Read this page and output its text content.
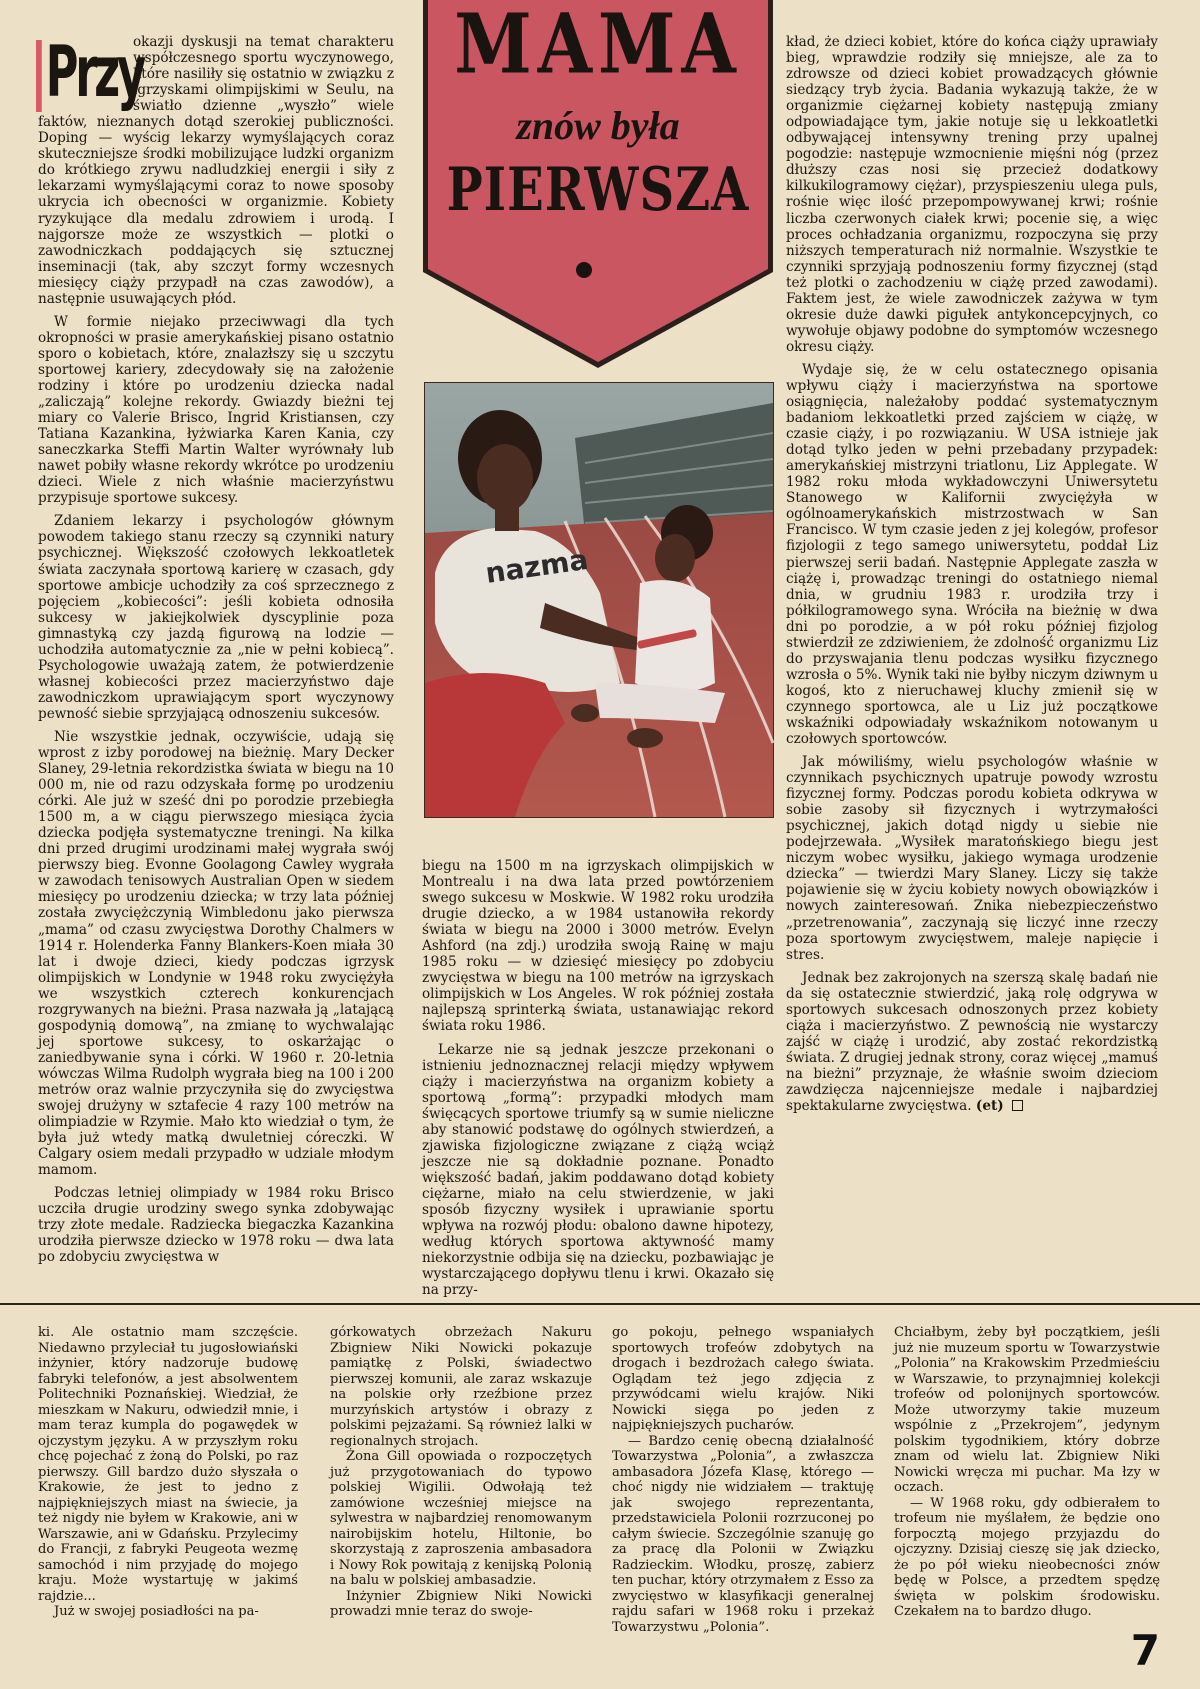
Przy

okazji dyskusji na temat charakteru współczesnego sportu wyczynowego, które nasiliły się ostatnio w związku z igrzyskami olimpijskimi w Seulu, na światło dzienne „wyszło” wiele faktów, nieznanych dotąd szerokiej publiczności. Doping — wyścig lekarzy wymyślających coraz skuteczniejsze środki mobilizujące ludzki organizm do krótkiego zrywu nadludzkiej energii i siły z lekarzami wymyślającymi coraz to nowe sposoby ukrycia ich obecności w organizmie. Kobiety ryzykujące dla medalu zdrowiem i urodą. I najgorsze może ze wszystkich — plotki o zawodniczkach poddających się sztucznej inseminacji (tak, aby szczyt formy wczesnych miesięcy ciąży przypadł na czas zawodów), a następnie usuwających płód.

W formie niejako przeciwwagi dla tych okropności w prasie amerykańskiej pisano ostatnio sporo o kobietach, które, znalazłszy się u szczytu sportowej kariery, zdecydowały się na założenie rodziny i które po urodzeniu dziecka nadal „zaliczają” kolejne rekordy. Gwiazdy bieżni tej miary co Valerie Brisco, Ingrid Kristiansen, czy Tatiana Kazankina, łyżwiarka Karen Kania, czy saneczkarka Steffi Martin Walter wyrównały lub nawet pobiły własne rekordy wkrótce po urodzeniu dzieci. Wiele z nich właśnie macierzyństwu przypisuje sportowe sukcesy.

Zdaniem lekarzy i psychologów głównym powodem takiego stanu rzeczy są czynniki natury psychicznej. Większość czołowych lekkoatletek świata zaczynała sportową karierę w czasach, gdy sportowe ambicje uchodziły za coś sprzecznego z pojęciem „kobiecości”: jeśli kobieta odnosiła sukcesy w jakiejkolwiek dyscyplinie poza gimnastyką czy jazdą figurową na lodzie — uchodziła automatycznie za „nie w pełni kobiecą”. Psychologowie uważają zatem, że potwierdzenie własnej kobiecości przez macierzyństwo daje zawodniczkom uprawiającym sport wyczynowy pewność siebie sprzyjającą odnoszeniu sukcesów.

Nie wszystkie jednak, oczywiście, udają się wprost z izby porodowej na bieżnię. Mary Decker Slaney, 29-letnia rekordzistka świata w biegu na 10 000 m, nie od razu odzyskała formę po urodzeniu córki. Ale już w sześć dni po porodzie przebiegła 1500 m, a w ciągu pierwszego miesiąca życia dziecka podjęła systematyczne treningi. Na kilka dni przed drugimi urodzinami małej wygrała swój pierwszy bieg. Evonne Goolagong Cawley wygrała w zawodach tenisowych Australian Open w siedem miesięcy po urodzeniu dziecka; w trzy lata później została zwyciężczynią Wimbledonu jako pierwsza „mama” od czasu zwycięstwa Dorothy Chalmers w 1914 r. Holenderka Fanny Blankers-Koen miała 30 lat i dwoje dzieci, kiedy podczas igrzysk olimpijskich w Londynie w 1948 roku zwyciężyła we wszystkich czterech konkurencjach rozgrywanych na bieżni. Prasa nazwała ją „latającą gospodynią domową”, na zmianę to wychwalając jej sportowe sukcesy, to oskarżając o zaniedbywanie syna i córki. W 1960 r. 20-letnia wówczas Wilma Rudolph wygrała bieg na 100 i 200 metrów oraz walnie przyczyniła się do zwycięstwa swojej drużyny w sztafecie 4 razy 100 metrów na olimpiadzie w Rzymie. Mało kto wiedział o tym, że była już wtedy matką dwuletniej córeczki. W Calgary osiem medali przypadło w udziale młodym mamom.

Podczas letniej olimpiady w 1984 roku Brisco uczciła drugie urodziny swego synka zdobywając trzy złote medale. Radziecka biegaczka Kazankina urodziła pierwsze dziecko w 1978 roku — dwa lata po zdobyciu zwycięstwa w

MAMA
znów była
PIERWSZA
nazma

biegu na 1500 m na igrzyskach olimpijskich w Montrealu i na dwa lata przed powtórzeniem swego sukcesu w Moskwie. W 1982 roku urodziła drugie dziecko, a w 1984 ustanowiła rekordy świata w biegu na 2000 i 3000 metrów. Evelyn Ashford (na zdj.) urodziła swoją Rainę w maju 1985 roku — w dziesięć miesięcy po zdobyciu zwycięstwa w biegu na 100 metrów na igrzyskach olimpijskich w Los Angeles. W rok później została najlepszą sprinterką świata, ustanawiając rekord świata roku 1986.

Lekarze nie są jednak jeszcze przekonani o istnieniu jednoznacznej relacji między wpływem ciąży i macierzyństwa na organizm kobiety a sportową „formą”: przypadki młodych mam święcących sportowe triumfy są w sumie nieliczne aby stanowić podstawę do ogólnych stwierdzeń, a zjawiska fizjologiczne związane z ciążą wciąż jeszcze nie są dokładnie poznane. Ponadto większość badań, jakim poddawano dotąd kobiety ciężarne, miało na celu stwierdzenie, w jaki sposób fizyczny wysiłek i uprawianie sportu wpływa na rozwój płodu: obalono dawne hipotezy, według których sportowa aktywność mamy niekorzystnie odbija się na dziecku, pozbawiając je wystarczającego dopływu tlenu i krwi. Okazało się na przy-

kład, że dzieci kobiet, które do końca ciąży uprawiały bieg, wprawdzie rodziły się mniejsze, ale za to zdrowsze od dzieci kobiet prowadzących głównie siedzący tryb życia. Badania wykazują także, że w organizmie ciężarnej kobiety następują zmiany odpowiadające tym, jakie notuje się u lekkoatletki odbywającej intensywny trening przy upalnej pogodzie: następuje wzmocnienie mięśni nóg (przez dłuższy czas nosi się przecież dodatkowy kilkukilogramowy ciężar), przyspieszeniu ulega puls, rośnie więc ilość przepompowywanej krwi; rośnie liczba czerwonych ciałek krwi; pocenie się, a więc proces ochładzania organizmu, rozpoczyna się przy niższych temperaturach niż normalnie. Wszystkie te czynniki sprzyjają podnoszeniu formy fizycznej (stąd też plotki o zachodzeniu w ciążę przed zawodami). Faktem jest, że wiele zawodniczek zażywa w tym okresie duże dawki pigułek antykoncepcyjnych, co wywołuje objawy podobne do symptomów wczesnego okresu ciąży.

Wydaje się, że w celu ostatecznego opisania wpływu ciąży i macierzyństwa na sportowe osiągnięcia, należałoby poddać systematycznym badaniom lekkoatletki przed zajściem w ciążę, w czasie ciąży, i po rozwiązaniu. W USA istnieje jak dotąd tylko jeden w pełni przebadany przypadek: amerykańskiej mistrzyni triatlonu, Liz Applegate. W 1982 roku młoda wykładowczyni Uniwersytetu Stanowego w Kalifornii zwyciężyła w ogólnoamerykańskich mistrzostwach w San Francisco. W tym czasie jeden z jej kolegów, profesor fizjologii z tego samego uniwersytetu, poddał Liz pierwszej serii badań. Następnie Applegate zaszła w ciążę i, prowadząc treningi do ostatniego niemal dnia, w grudniu 1983 r. urodziła trzy i półkilogramowego syna. Wróciła na bieżnię w dwa dni po porodzie, a w pół roku później fizjolog stwierdził ze zdziwieniem, że zdolność organizmu Liz do przyswajania tlenu podczas wysiłku fizycznego wzrosła o 5%. Wynik taki nie byłby niczym dziwnym u kogoś, kto z nieruchawej kluchy zmienił się w czynnego sportowca, ale u Liz już początkowe wskaźniki odpowiadały wskaźnikom notowanym u czołowych sportowców.

Jak mówiliśmy, wielu psychologów właśnie w czynnikach psychicznych upatruje powody wzrostu fizycznej formy. Podczas porodu kobieta odkrywa w sobie zasoby sił fizycznych i wytrzymałości psychicznej, jakich dotąd nigdy u siebie nie podejrzewała. „Wysiłek maratońskiego biegu jest niczym wobec wysiłku, jakiego wymaga urodzenie dziecka” — twierdzi Mary Slaney. Liczy się także pojawienie się w życiu kobiety nowych obowiązków i nowych zainteresowań. Znika niebezpieczeństwo „przetrenowania”, zaczynają się liczyć inne rzeczy poza sportowym zwycięstwem, maleje napięcie i stres.

Jednak bez zakrojonych na szerszą skalę badań nie da się ostatecznie stwierdzić, jaką rolę odgrywa w sportowych sukcesach odnoszonych przez kobiety ciąża i macierzyństwo. Z pewnością nie wystarczy zajść w ciążę i urodzić, aby zostać rekordzistką świata. Z drugiej jednak strony, coraz więcej „mamuś na bieżni” przyznaje, że właśnie swoim dzieciom zawdzięcza najcenniejsze medale i najbardziej spektakularne zwycięstwa. (et)

ki. Ale ostatnio mam szczęście. Niedawno przyleciał tu jugosłowiański inżynier, który nadzoruje budowę fabryki telefonów, a jest absolwentem Politechniki Poznańskiej. Wiedział, że mieszkam w Nakuru, odwiedził mnie, i mam teraz kumpla do pogawędek w ojczystym języku. A w przyszłym roku chcę pojechać z żoną do Polski, po raz pierwszy. Gill bardzo dużo słyszała o Krakowie, że jest to jedno z najpiękniejszych miast na świecie, ja też nigdy nie byłem w Krakowie, ani w Warszawie, ani w Gdańsku. Przylecimy do Francji, z fabryki Peugeota wezmę samochód i nim przyjadę do mojego kraju. Może wystartuję w jakimś rajdzie...

Już w swojej posiadłości na pa-

górkowatych obrzeżach Nakuru Zbigniew Niki Nowicki pokazuje pamiątkę z Polski, świadectwo pierwszej komunii, ale zaraz wskazuje na polskie orły rzeźbione przez murzyńskich artystów i obrazy z polskimi pejzażami. Są również lalki w regionalnych strojach.

Żona Gill opowiada o rozpoczętych już przygotowaniach do typowo polskiej Wigilii. Odwołają też zamówione wcześniej miejsce na sylwestra w najbardziej renomowanym nairobijskim hotelu, Hiltonie, bo skorzystają z zaproszenia ambasadora i Nowy Rok powitają z kenijską Polonią na balu w polskiej ambasadzie.

Inżynier Zbigniew Niki Nowicki prowadzi mnie teraz do swoje-

go pokoju, pełnego wspaniałych sportowych trofeów zdobytych na drogach i bezdrożach całego świata. Oglądam też jego zdjęcia z przywódcami wielu krajów. Niki Nowicki sięga po jeden z najpiękniejszych pucharów.

— Bardzo cenię obecną działalność Towarzystwa „Polonia”, a zwłaszcza ambasadora Józefa Klasę, którego — choć nigdy nie widziałem — traktuję jak swojego reprezentanta, przedstawiciela Polonii rozrzuconej po całym świecie. Szczególnie szanuję go za pracę dla Polonii w Związku Radzieckim. Włodku, proszę, zabierz ten puchar, który otrzymałem z Esso za zwycięstwo w klasyfikacji generalnej rajdu safari w 1968 roku i przekaż Towarzystwu „Polonia”.

Chciałbym, żeby był początkiem, jeśli już nie muzeum sportu w Towarzystwie „Polonia” na Krakowskim Przedmieściu w Warszawie, to przynajmniej kolekcji trofeów od polonijnych sportowców. Może utworzymy takie muzeum wspólnie z „Przekrojem”, jedynym polskim tygodnikiem, który dobrze znam od wielu lat. Zbigniew Niki Nowicki wręcza mi puchar. Ma łzy w oczach.

— W 1968 roku, gdy odbierałem to trofeum nie myślałem, że będzie ono forpocztą mojego przyjazdu do ojczyzny. Dzisiaj cieszę się jak dziecko, że po pół wieku nieobecności znów będę w Polsce, a przedtem spędzę święta w polskim środowisku. Czekałem na to bardzo długo.

7
